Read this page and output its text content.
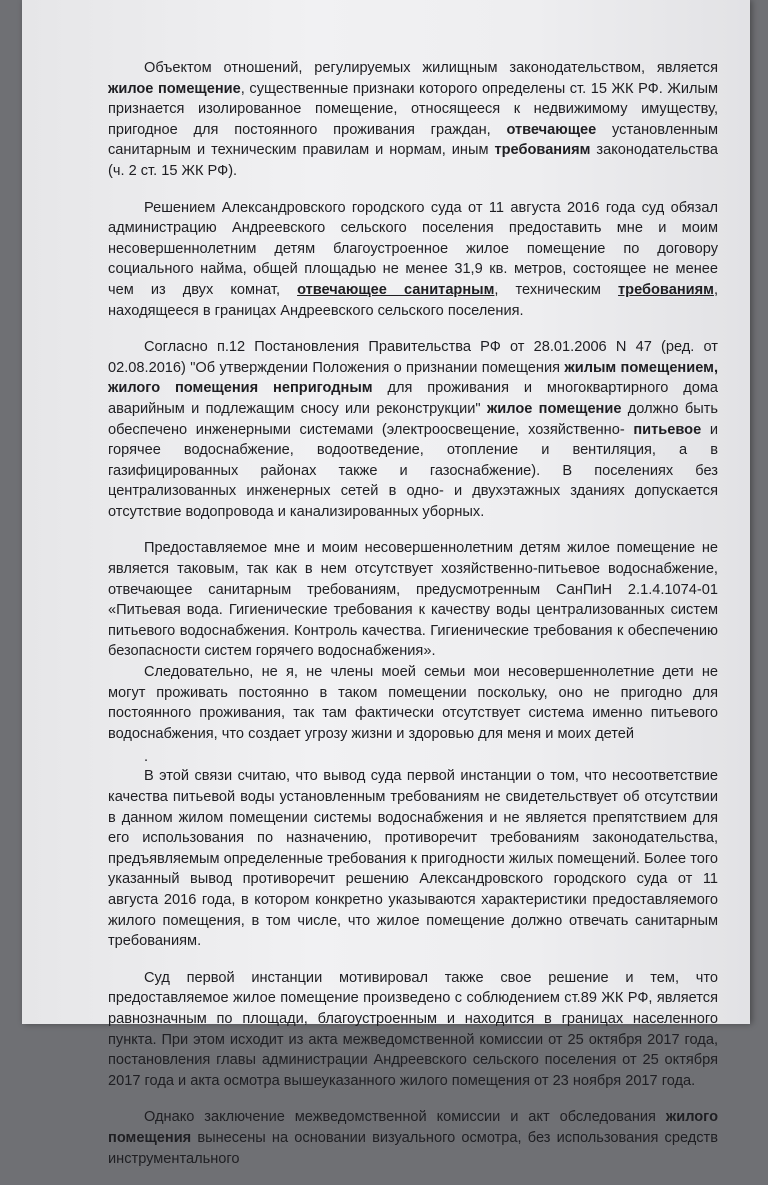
Объектом отношений, регулируемых жилищным законодательством, является жилое помещение, существенные признаки которого определены ст. 15 ЖК РФ. Жилым признается изолированное помещение, относящееся к недвижимому имуществу, пригодное для постоянного проживания граждан, отвечающее установленным санитарным и техническим правилам и нормам, иным требованиям законодательства (ч. 2 ст. 15 ЖК РФ).

Решением Александровского городского суда от 11 августа 2016 года суд обязал администрацию Андреевского сельского поселения предоставить мне и моим несовершеннолетним детям благоустроенное жилое помещение по договору социального найма, общей площадью не менее 31,9 кв. метров, состоящее не менее чем из двух комнат, отвечающее санитарным, техническим требованиям, находящееся в границах Андреевского сельского поселения.

Согласно п.12 Постановления Правительства РФ от 28.01.2006 N 47 (ред. от 02.08.2016) "Об утверждении Положения о признании помещения жилым помещением, жилого помещения непригодным для проживания и многоквартирного дома аварийным и подлежащим сносу или реконструкции" жилое помещение должно быть обеспечено инженерными системами (электроосвещение, хозяйственно- питьевое и горячее водоснабжение, водоотведение, отопление и вентиляция, а в газифицированных районах также и газоснабжение). В поселениях без централизованных инженерных сетей в одно- и двухэтажных зданиях допускается отсутствие водопровода и канализированных уборных.

Предоставляемое мне и моим несовершеннолетним детям жилое помещение не является таковым, так как в нем отсутствует хозяйственно-питьевое водоснабжение, отвечающее санитарным требованиям, предусмотренным СанПиН 2.1.4.1074-01 «Питьевая вода. Гигиенические требования к качеству воды централизованных систем питьевого водоснабжения. Контроль качества. Гигиенические требования к обеспечению безопасности систем горячего водоснабжения».

Следовательно, не я, не члены моей семьи мои несовершеннолетние дети не могут проживать постоянно в таком помещении поскольку, оно не пригодно для постоянного проживания, так там фактически отсутствует система именно питьевого водоснабжения, что создает угрозу жизни и здоровью для меня и моих детей

.

В этой связи считаю, что вывод суда первой инстанции о том, что несоответствие качества питьевой воды установленным требованиям не свидетельствует об отсутствии в данном жилом помещении системы водоснабжения и не является препятствием для его использования по назначению, противоречит требованиям законодательства, предъявляемым определенные требования к пригодности жилых помещений. Более того указанный вывод противоречит решению Александровского городского суда от 11 августа 2016 года, в котором конкретно указываются характеристики предоставляемого жилого помещения, в том числе, что жилое помещение должно отвечать санитарным требованиям.

Суд первой инстанции мотивировал также свое решение и тем, что предоставляемое жилое помещение произведено с соблюдением ст.89 ЖК РФ, является равнозначным по площади, благоустроенным и находится в границах населенного пункта. При этом исходит из акта межведомственной комиссии от 25 октября 2017 года, постановления главы администрации Андреевского сельского поселения от 25 октября 2017 года и акта осмотра вышеуказанного жилого помещения от 23 ноября 2017 года.

Однако заключение межведомственной комиссии и акт обследования жилого помещения вынесены на основании визуального осмотра, без использования средств инструментального
